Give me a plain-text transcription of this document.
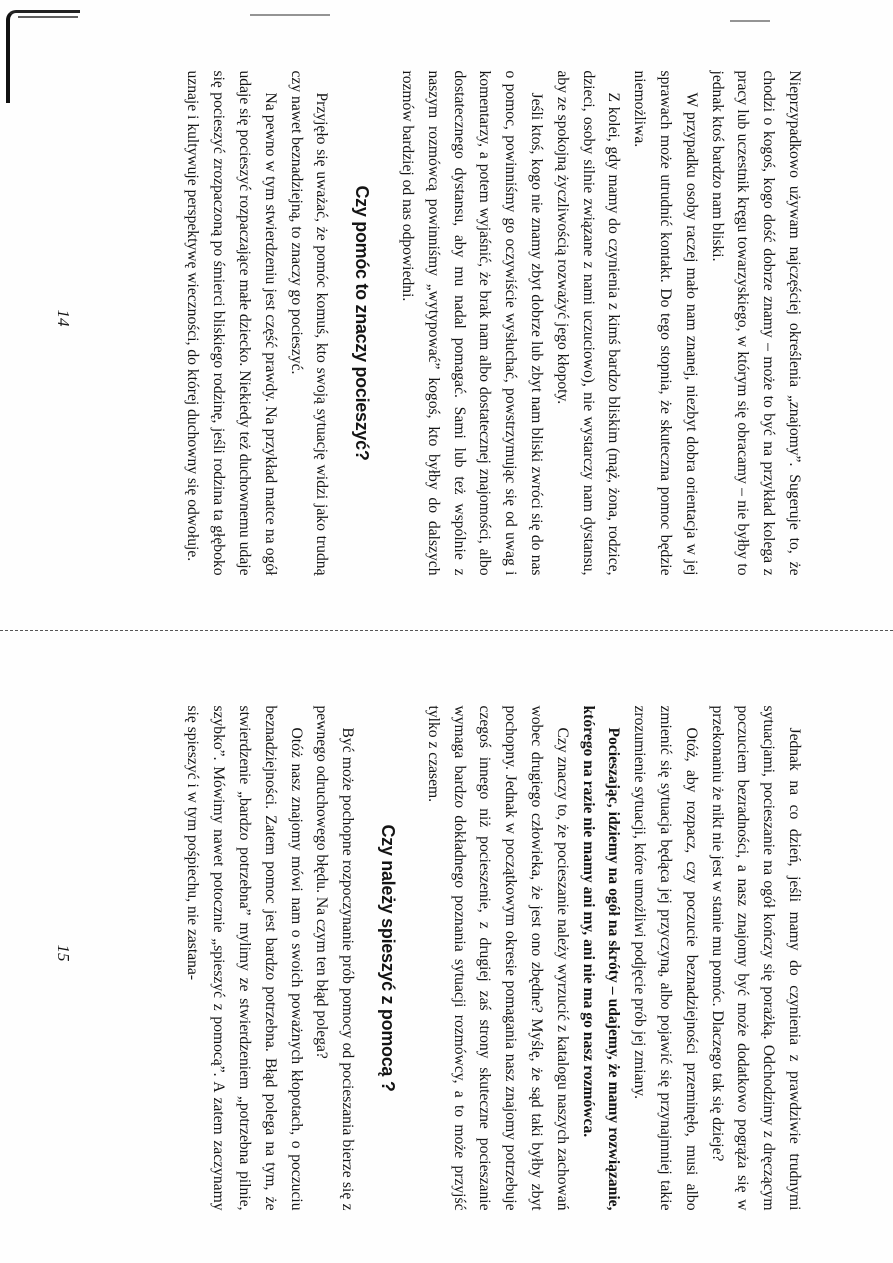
Nieprzypadkowo używam najczęściej określenia „znajomy”. Sugeruje to, że chodzi o kogoś, kogo dość dobrze znamy – może to być na przykład kolega z pracy lub uczestnik kręgu towarzyskiego, w którym się obracamy – nie byłby to jednak ktoś bardzo nam bliski.

W przypadku osoby raczej mało nam znanej, niezbyt dobra orientacja w jej sprawach może utrudnić kontakt. Do tego stopnia, że skuteczna pomoc będzie niemożliwa.

Z kolei, gdy mamy do czynienia z kimś bardzo bliskim (mąż, żona, rodzice, dzieci, osoby silnie związane z nami uczuciowo), nie wystarczy nam dystansu, aby ze spokojną życzliwością rozważyć jego kłopoty.

Jeśli ktoś, kogo nie znamy zbyt dobrze lub zbyt nam bliski zwróci się do nas o pomoc, powinniśmy go oczywiście wysłuchać, powstrzymując się od uwag i komentarzy, a potem wyjaśnić, że brak nam albo dostatecznej znajomości, albo dostatecznego dystansu, aby mu nadal pomagać. Sami lub też wspólnie z naszym rozmówcą powinniśmy „wytypować” kogoś, kto byłby do dalszych rozmów bardziej od nas odpowiedni.

Czy pomóc to znaczy pocieszyć?

Przyjęło się uważać, że pomóc komuś, kto swoją sytuację widzi jako trudną czy nawet beznadziejną, to znaczy go pocieszyć.

Na pewno w tym stwierdzeniu jest część prawdy. Na przykład matce na ogół udaje się pocieszyć rozpaczające małe dziecko. Niekiedy też duchownemu udaje się pocieszyć zrozpaczoną po śmierci bliskiego rodzinę, jeśli rodzina ta głęboko uznaje i kultywuje perspektywę wieczności, do której duchowny się odwołuje.

14

Jednak na co dzień, jeśli mamy do czynienia z prawdziwie trudnymi sytuacjami, pocieszanie na ogół kończy się porażką. Odchodzimy z dręczącym poczuciem bezradności, a nasz znajomy być może dodatkowo pogrąża się w przekonaniu że nikt nie jest w stanie mu pomóc. Dlaczego tak się dzieje?

Otóż, aby rozpacz, czy poczucie beznadziejności przeminęło, musi albo zmienić się sytuacja będąca jej przyczyną, albo pojawić się przynajmniej takie zrozumienie sytuacji, które umożliwi podjęcie prób jej zmiany.

Pocieszając, idziemy na ogół na skróty – udajemy, że mamy rozwiązanie, którego na razie nie mamy ani my, ani nie ma go nasz rozmówca.

Czy znaczy to, że pocieszanie należy wyrzucić z katalogu naszych zachowań wobec drugiego człowieka, że jest ono zbędne? Myślę, że sąd taki byłby zbyt pochopny. Jednak w początkowym okresie pomagania nasz znajomy potrzebuje czegoś innego niż pocieszenie, z drugiej zaś strony skuteczne pocieszanie wymaga bardzo dokładnego poznania sytuacji rozmówcy, a to może przyjść tylko z czasem.

Czy należy spieszyć z pomocą ?

Być może pochopne rozpoczynanie prób pomocy od pocieszania bierze się z pewnego odruchowego błędu. Na czym ten błąd polega?

Otóż nasz znajomy mówi nam o swoich poważnych kłopotach, o poczuciu beznadziejności. Zatem pomoc jest bardzo potrzebna. Błąd polega na tym, że stwierdzenie „bardzo potrzebna” mylimy ze stwierdzeniem „potrzebna pilnie, szybko”. Mówimy nawet potocznie „spieszyć z pomocą”. A zatem zaczynamy się spieszyć i w tym pośpiechu, nie zastana-

15
